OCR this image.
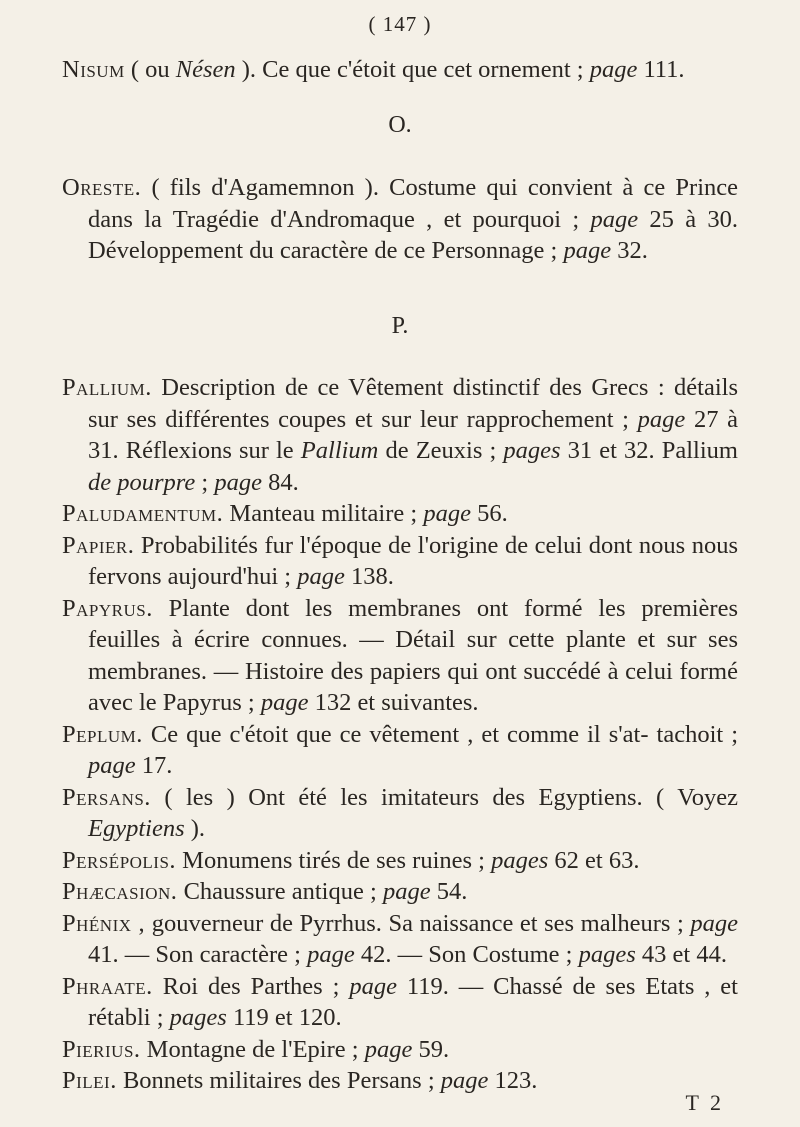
( 147 )

Nisum ( ou Nésen ). Ce que c'étoit que cet ornement ; page 111.

O.

Oreste. ( fils d'Agamemnon ). Costume qui convient à ce Prince dans la Tragédie d'Andromaque , et pourquoi ; page 25 à 30. Développement du caractère de ce Personnage ; page 32.

P.

Pallium. Description de ce Vêtement distinctif des Grecs : détails sur ses différentes coupes et sur leur rapprochement ; page 27 à 31. Réflexions sur le Pallium de Zeuxis ; pages 31 et 32. Pallium de pourpre ; page 84.

Paludamentum. Manteau militaire ; page 56.

Papier. Probabilités fur l'époque de l'origine de celui dont nous nous fervons aujourd'hui ; page 138.

Papyrus. Plante dont les membranes ont formé les premières feuilles à écrire connues. — Détail sur cette plante et sur ses membranes. — Histoire des papiers qui ont succédé à celui formé avec le Papyrus ; page 132 et suivantes.

Peplum. Ce que c'étoit que ce vêtement , et comme il s'at- tachoit ; page 17.

Persans. ( les ) Ont été les imitateurs des Egyptiens. ( Voyez Egyptiens ).

Persépolis. Monumens tirés de ses ruines ; pages 62 et 63.

Phæcasion. Chaussure antique ; page 54.

Phénix , gouverneur de Pyrrhus. Sa naissance et ses malheurs ; page 41. — Son caractère ; page 42. — Son Costume ; pages 43 et 44.

Phraate. Roi des Parthes ; page 119. — Chassé de ses Etats , et rétabli ; pages 119 et 120.

Pierius. Montagne de l'Epire ; page 59.

Pilei. Bonnets militaires des Persans ; page 123.

T 2
